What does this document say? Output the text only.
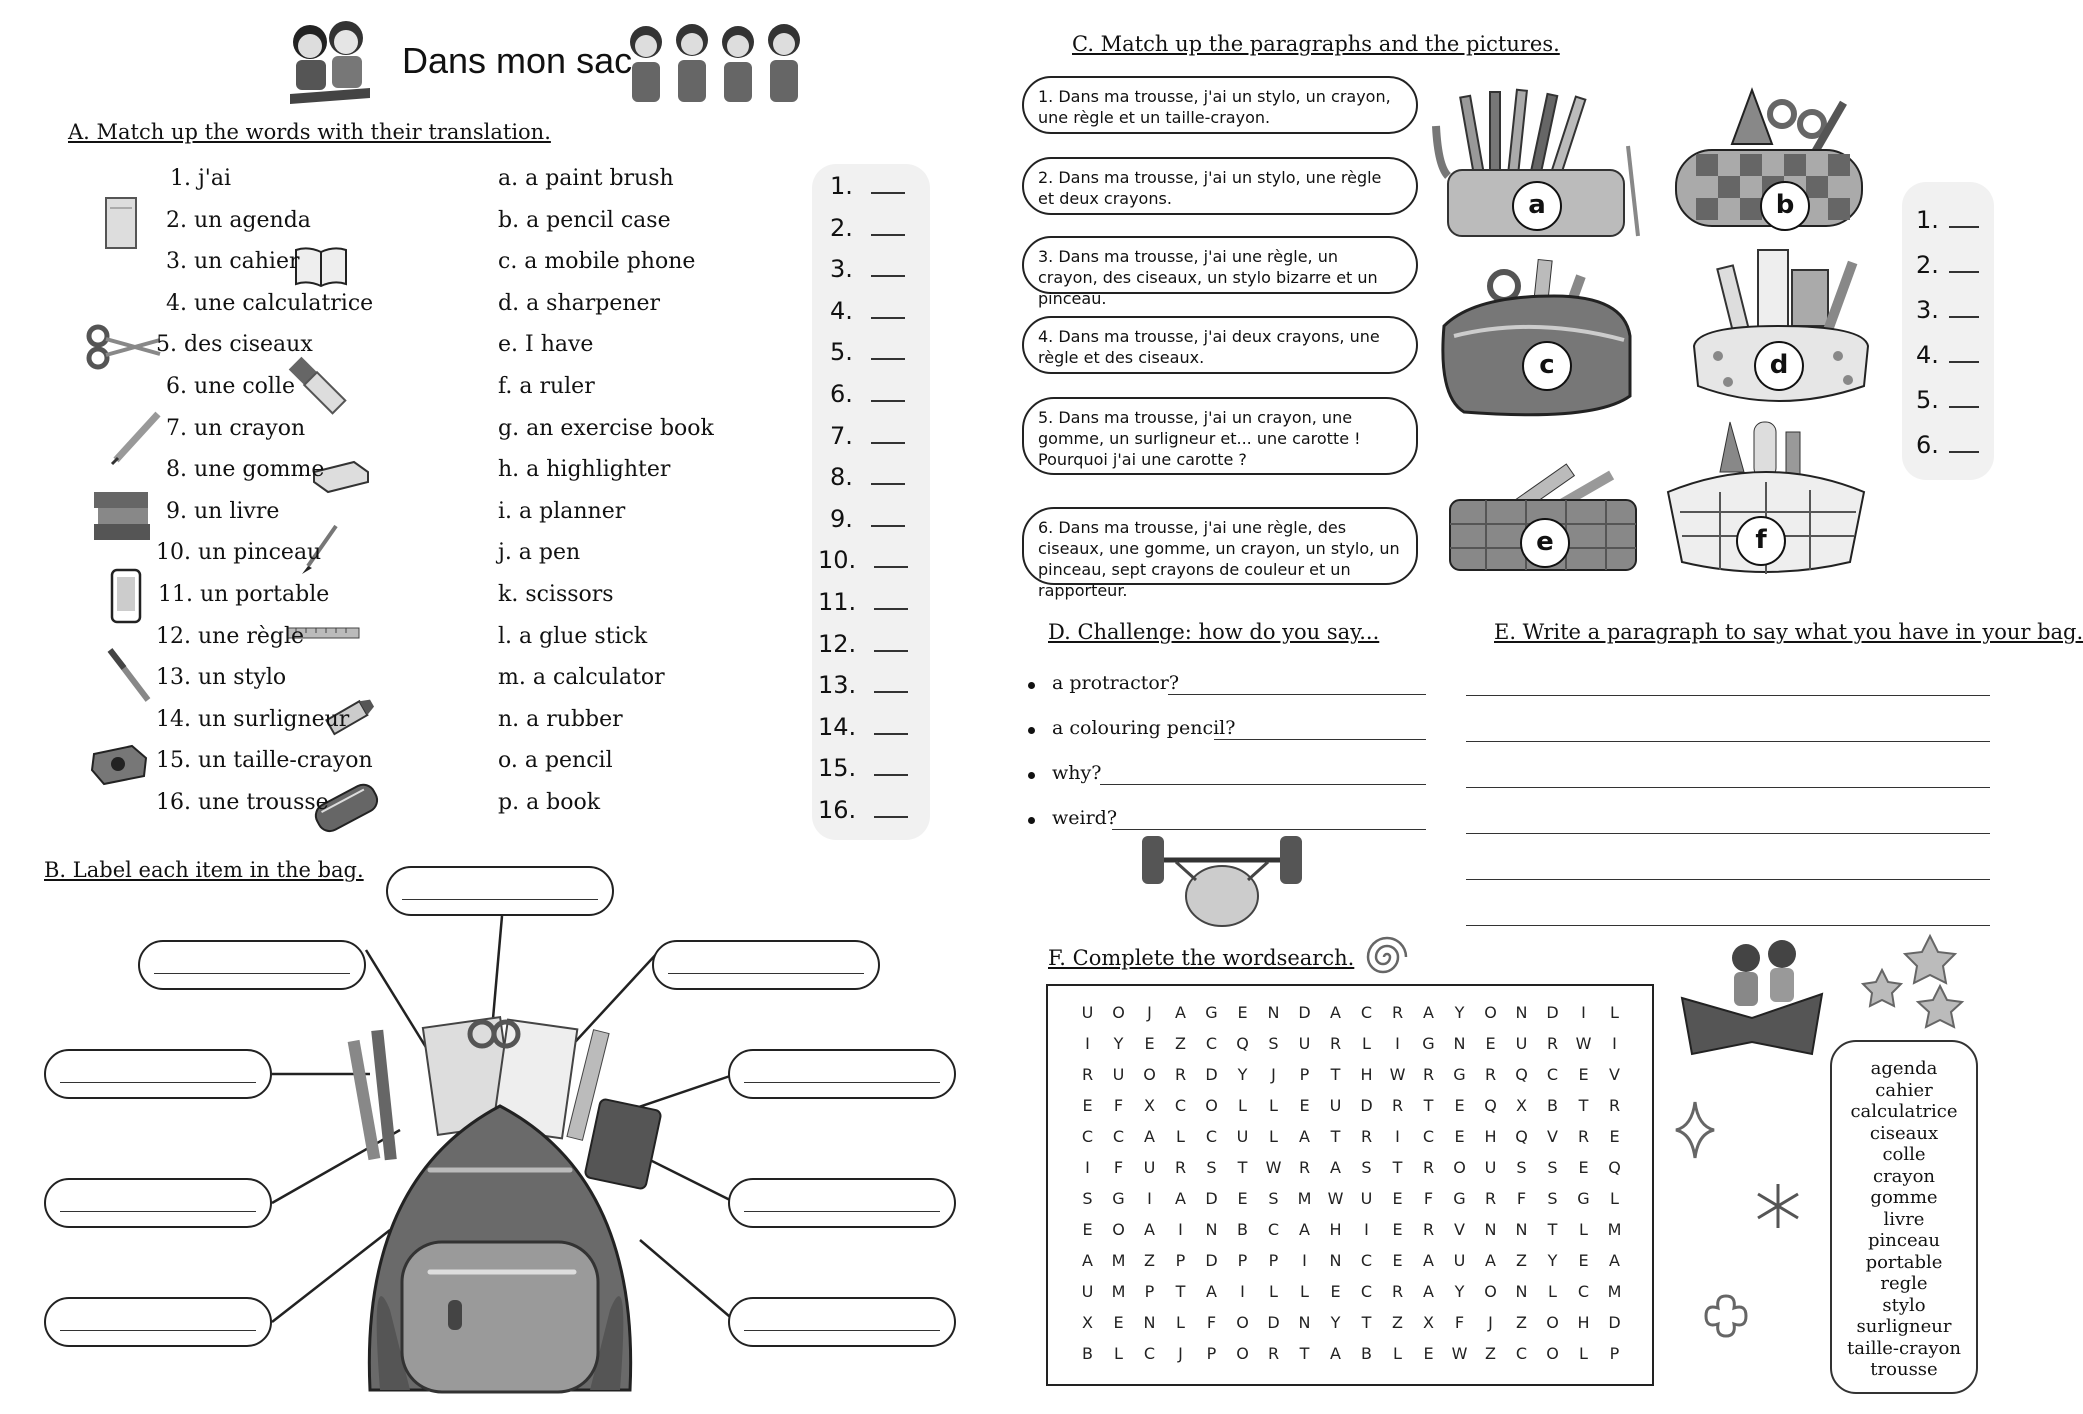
Dans mon sac
A. Match up the words with their translation.
B. Label each item in the bag.
C. Match up the paragraphs and the pictures.
D. Challenge: how do you say...	E. Write a paragraph to say what you have in your bag.
F. Complete the wordsearch.
U	O	J	A	G	E	N	D	A	C	R	A	Y	O	N	D	I	L
I	Y	E	Z	C	Q	S	U	R	L	I	G	N	E	U	R	W	I
R	U	O	R	D	Y	J	P	T	H	W	R	G	R	Q	C	E	V
E	F	X	C	O	L	L	E	U	D	R	T	E	Q	X	B	T	R
C	C	A	L	C	U	L	A	T	R	I	C	E	H	Q	V	R	E
I	F	U	R	S	T	W	R	A	S	T	R	O	U	S	S	E	Q
S	G	I	A	D	E	S	M	W	U	E	F	G	R	F	S	G	L
E	O	A	I	N	B	C	A	H	I	E	R	V	N	N	T	L	M
A	M	Z	P	D	P	P	I	N	C	E	A	U	A	Z	Y	E	A
U	M	P	T	A	I	L	L	E	C	R	A	Y	O	N	L	C	M
X	E	N	L	F	O	D	N	Y	T	Z	X	F	J	Z	O	H	D
B	L	C	J	P	O	R	T	A	B	L	E	W	Z	C	O	L	P
agenda
cahier
calculatrice
ciseaux
colle
crayon
gomme
livre
pinceau
portable
regle
stylo
surligneur
taille-crayon
trousse
1. j'ai
2. un agenda
3. un cahier
4. une calculatrice
5. des ciseaux
6. une colle
7. un crayon
8. une gomme
9. un livre
10. un pinceau
11. un portable
12. une règle
13. un stylo
14. un surligneur
15. un taille-crayon
16. une trousse
a. a paint brush
b. a pencil case
c. a mobile phone
d. a sharpener
e. I have
f. a ruler
g. an exercise book
h. a highlighter
i. a planner
j. a pen
k. scissors
l. a glue stick
m. a calculator
n. a rubber
o. a pencil
p. a book
1.
2.
3.
4.
5.
6.
7.
8.
9.
10.
11.
12.
13.
14.
15.
16.
1. Dans ma trousse, j'ai un stylo, un crayon, une règle et un taille-crayon.
2. Dans ma trousse, j'ai un stylo, une règle et deux crayons.
3. Dans ma trousse, j'ai une règle, un crayon, des ciseaux, un stylo bizarre et un pinceau.
4. Dans ma trousse, j'ai deux crayons, une règle et des ciseaux.
5. Dans ma trousse, j'ai un crayon, une gomme, un surligneur et... une carotte ! Pourquoi j'ai une carotte ?
6. Dans ma trousse, j'ai une règle, des ciseaux, une gomme, un crayon, un stylo, un pinceau, sept crayons de couleur et un rapporteur.
a	b
c	d
e	f
1.
2.
3.
4.
5.
6.
a protractor?
a colouring pencil?
why?
weird?
